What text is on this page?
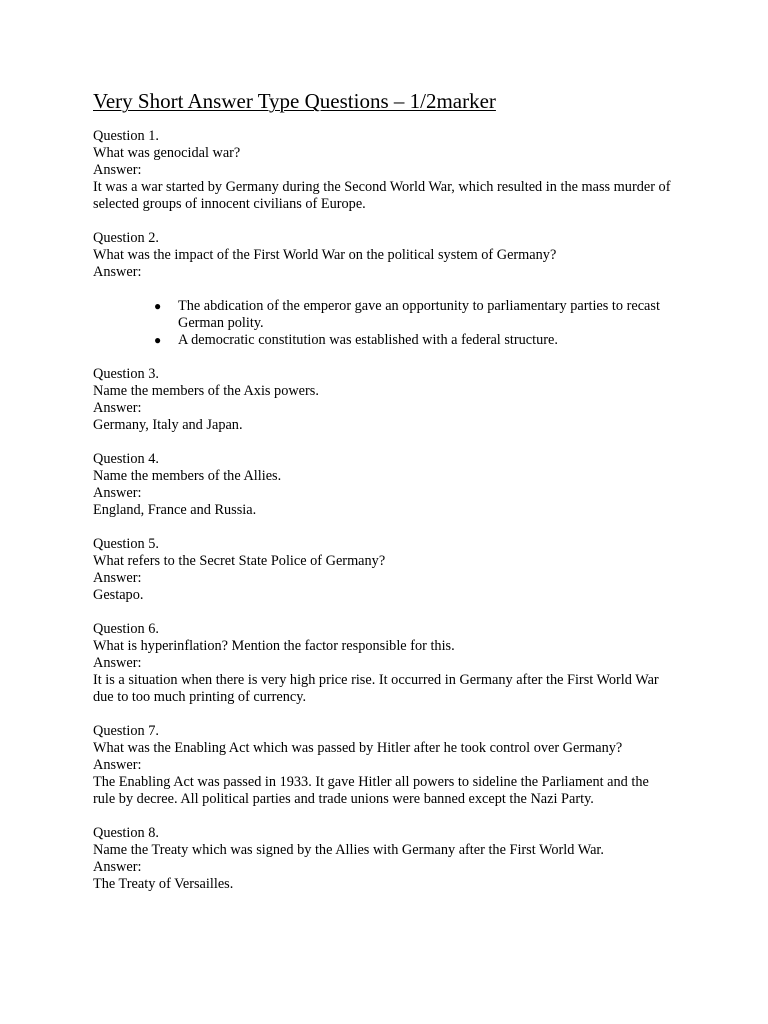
Very Short Answer Type Questions – 1/2marker
Question 1.
What was genocidal war?
Answer:
It was a war started by Germany during the Second World War, which resulted in the mass murder of selected groups of innocent civilians of Europe.
Question 2.
What was the impact of the First World War on the political system of Germany?
Answer:
● The abdication of the emperor gave an opportunity to parliamentary parties to recast German polity.
● A democratic constitution was established with a federal structure.
Question 3.
Name the members of the Axis powers.
Answer:
Germany, Italy and Japan.
Question 4.
Name the members of the Allies.
Answer:
England, France and Russia.
Question 5.
What refers to the Secret State Police of Germany?
Answer:
Gestapo.
Question 6.
What is hyperinflation? Mention the factor responsible for this.
Answer:
It is a situation when there is very high price rise. It occurred in Germany after the First World War due to too much printing of currency.
Question 7.
What was the Enabling Act which was passed by Hitler after he took control over Germany?
Answer:
The Enabling Act was passed in 1933. It gave Hitler all powers to sideline the Parliament and the rule by decree. All political parties and trade unions were banned except the Nazi Party.
Question 8.
Name the Treaty which was signed by the Allies with Germany after the First World War.
Answer:
The Treaty of Versailles.
